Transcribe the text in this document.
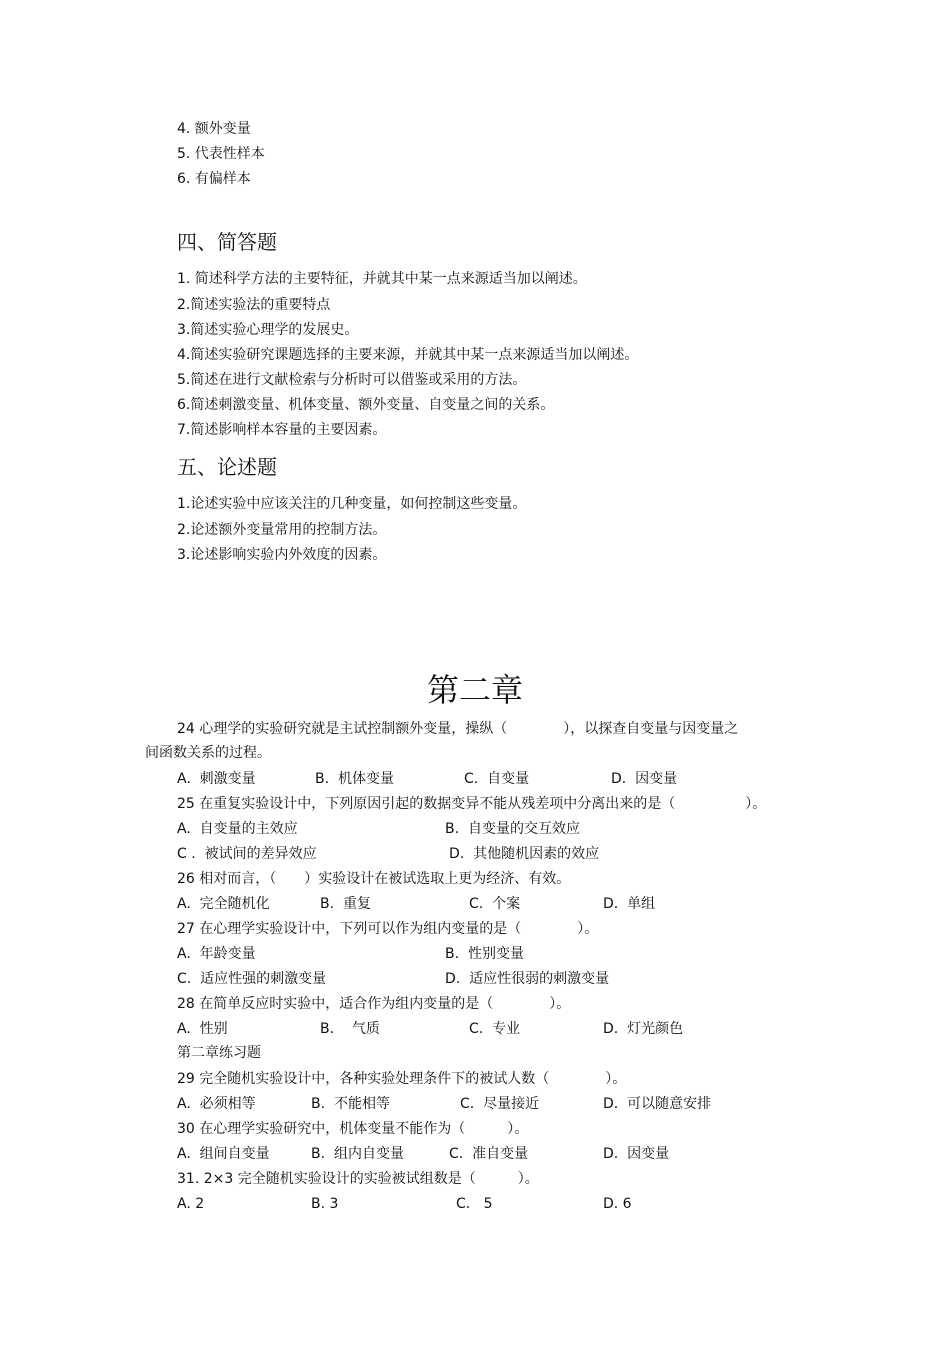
4. 额外变量
5. 代表性样本
6. 有偏样本
四、简答题
1. 简述科学方法的主要特征，并就其中某一点来源适当加以阐述。
2.简述实验法的重要特点
3.简述实验心理学的发展史。
4.简述实验研究课题选择的主要来源，并就其中某一点来源适当加以阐述。
5.简述在进行文献检索与分析时可以借鉴或采用的方法。
6.简述刺激变量、机体变量、额外变量、自变量之间的关系。
7.简述影响样本容量的主要因素。
五、论述题
1.论述实验中应该关注的几种变量，如何控制这些变量。
2.论述额外变量常用的控制方法。
3.论述影响实验内外效度的因素。
第二章
24 心理学的实验研究就是主试控制额外变量，操纵（　　　　），以探查自变量与因变量之
间函数关系的过程。
A.  刺激变量	B.  机体变量	C.  自变量	D.  因变量
25 在重复实验设计中，下列原因引起的数据变异不能从残差项中分离出来的是（　　　　　）。
A.  自变量的主效应	B.  自变量的交互效应
C .  被试间的差异效应	D.  其他随机因素的效应
26 相对而言，（　　）实验设计在被试选取上更为经济、有效。
A.  完全随机化	B.  重复	C.  个案	D.  单组
27 在心理学实验设计中，下列可以作为组内变量的是（　　　　）。
A.  年龄变量	B.  性别变量
C.  适应性强的刺激变量	D.  适应性很弱的刺激变量
28 在简单反应时实验中，适合作为组内变量的是（　　　　）。
A.  性别	B.    气质	C.  专业	D.  灯光颜色
第二章练习题
29 完全随机实验设计中，各种实验处理条件下的被试人数（　　　　）。
A.  必须相等	B.  不能相等	C.  尽量接近	D.  可以随意安排
30 在心理学实验研究中，机体变量不能作为（　　　）。
A.  组间自变量	B.  组内自变量	C.  准自变量	D.  因变量
31. 2×3 完全随机实验设计的实验被试组数是（　　　）。
A. 2	B. 3	C.   5	D. 6
